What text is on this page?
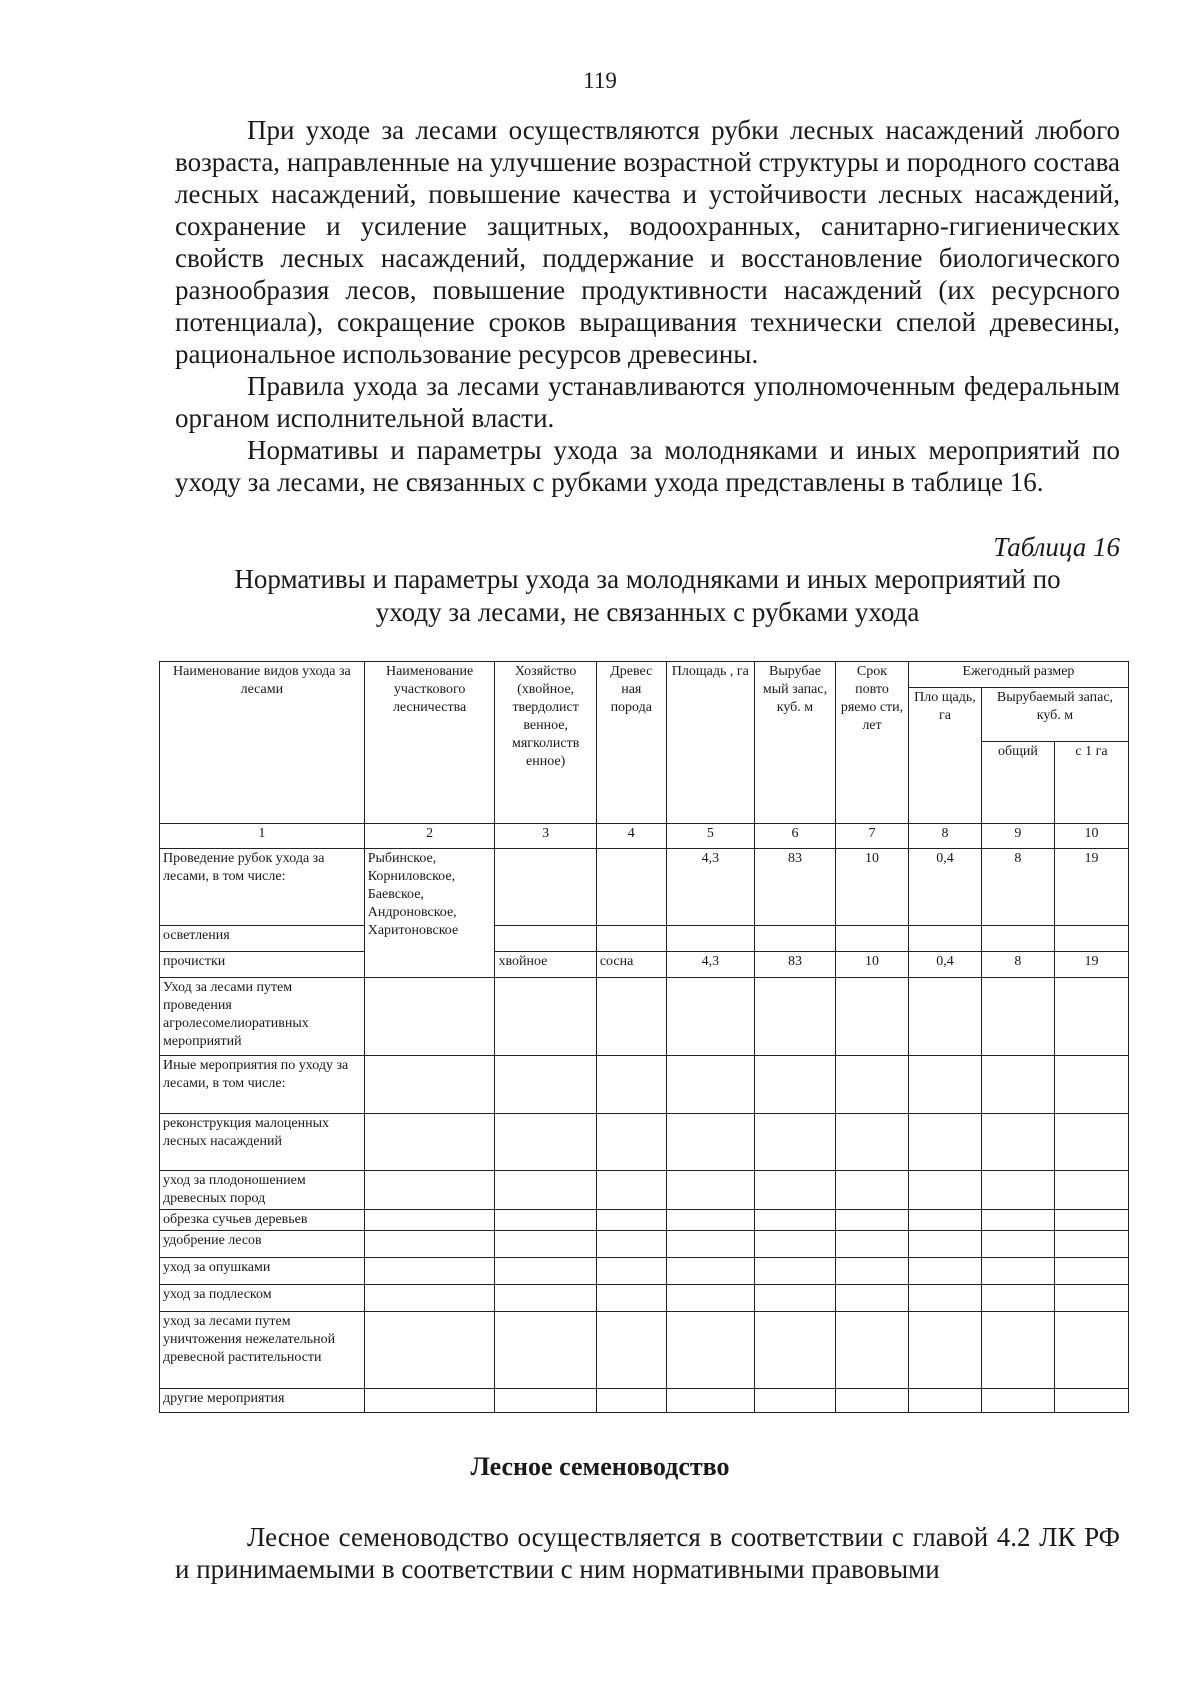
119

При уходе за лесами осуществляются рубки лесных насаждений любого возраста, направленные на улучшение возрастной структуры и породного состава лесных насаждений, повышение качества и устойчивости лесных насаждений, сохранение и усиление защитных, водоохранных, санитарно-гигиенических свойств лесных насаждений, поддержание и восстановление биологического разнообразия лесов, повышение продуктивности насаждений (их ресурсного потенциала), сокращение сроков выращивания технически спелой древесины, рациональное использование ресурсов древесины.

Правила ухода за лесами устанавливаются уполномоченным федеральным органом исполнительной власти.

Нормативы и параметры ухода за молодняками и иных мероприятий по уходу за лесами, не связанных с рубками ухода представлены в таблице 16.

Таблица 16
Нормативы и параметры ухода за молодняками и иных мероприятий по
уходу за лесами, не связанных с рубками ухода
Наименование видов ухода за лесами	Наименование участкового лесничества	Хозяйство (хвойное, твердолист венное, мягколиств енное)	Древес ная порода	Площадь , га	Вырубае мый запас, куб. м	Срок повто ряемо сти, лет	Ежегодный размер		
							Пло щадь, га	Вырубаемый запас, куб. м	
								общий	с 1 га
1	2	3	4	5	6	7	8	9	10
Проведение рубок ухода за лесами, в том числе:	Рыбинское, Корниловское, Баевское, Андроновское, Харитоновское			4,3	83	10	0,4	8	19
осветления									
прочистки		хвойное	сосна	4,3	83	10	0,4	8	19
Уход за лесами путем проведения агролесомелиоративных мероприятий									
Иные мероприятия по уходу за лесами, в том числе:									
реконструкция малоценных лесных насаждений									
уход за плодоношением древесных пород									
обрезка сучьев деревьев									
удобрение лесов									
уход за опушками									
уход за подлеском									
уход за лесами путем уничтожения нежелательной древесной растительности									
другие мероприятия									
Лесное семеноводство

Лесное семеноводство осуществляется в соответствии с главой 4.2 ЛК РФ и принимаемыми в соответствии с ним нормативными правовыми
